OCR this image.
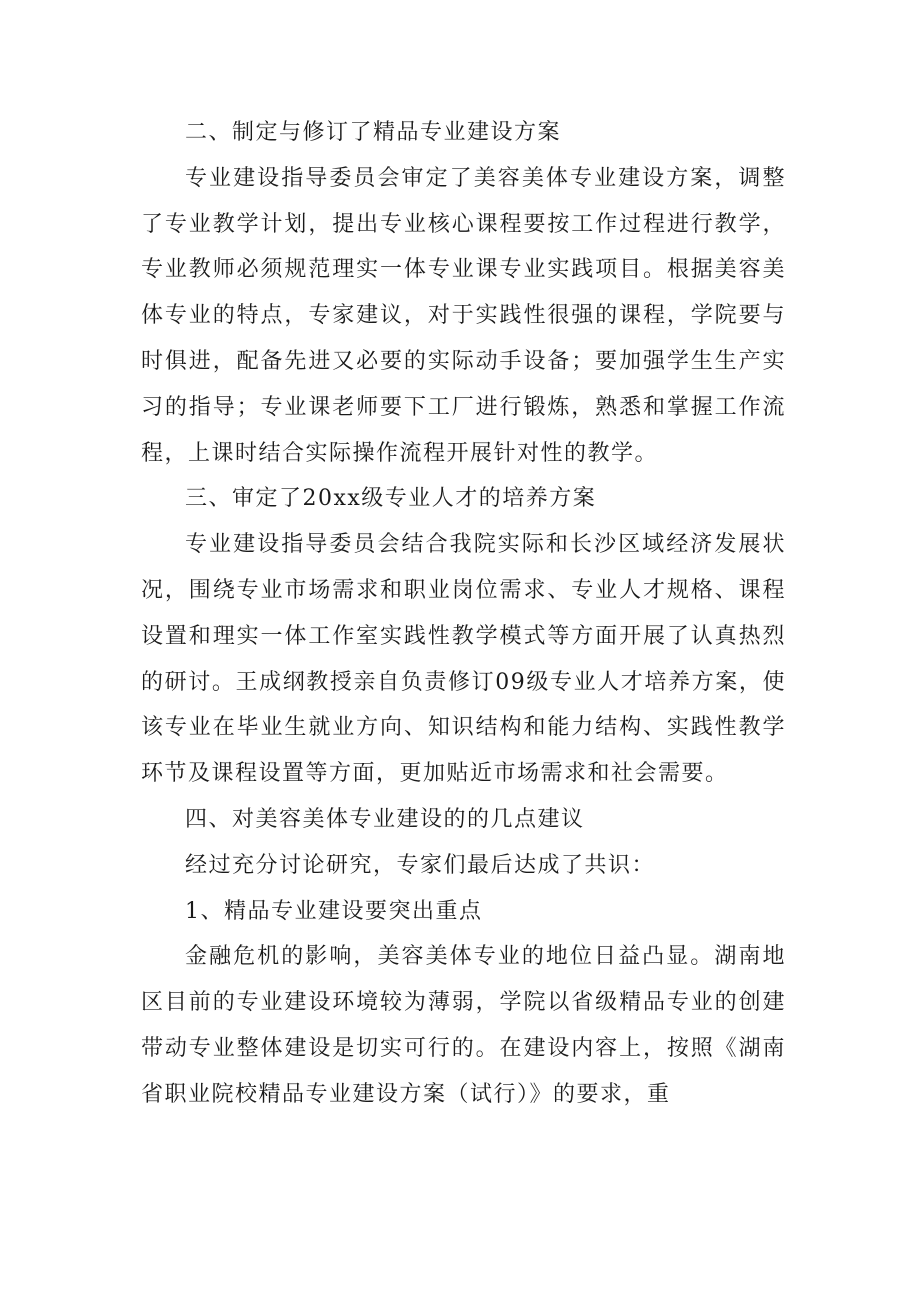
二、制定与修订了精品专业建设方案

专业建设指导委员会审定了美容美体专业建设方案，调整了专业教学计划，提出专业核心课程要按工作过程进行教学，专业教师必须规范理实一体专业课专业实践项目。根据美容美体专业的特点，专家建议，对于实践性很强的课程，学院要与时俱进，配备先进又必要的实际动手设备；要加强学生生产实习的指导；专业课老师要下工厂进行锻炼，熟悉和掌握工作流程，上课时结合实际操作流程开展针对性的教学。

三、审定了20xx级专业人才的培养方案

专业建设指导委员会结合我院实际和长沙区域经济发展状况，围绕专业市场需求和职业岗位需求、专业人才规格、课程设置和理实一体工作室实践性教学模式等方面开展了认真热烈的研讨。王成纲教授亲自负责修订09级专业人才培养方案，使该专业在毕业生就业方向、知识结构和能力结构、实践性教学环节及课程设置等方面，更加贴近市场需求和社会需要。

四、对美容美体专业建设的的几点建议

经过充分讨论研究，专家们最后达成了共识：

1、精品专业建设要突出重点

金融危机的影响，美容美体专业的地位日益凸显。湖南地区目前的专业建设环境较为薄弱，学院以省级精品专业的创建带动专业整体建设是切实可行的。在建设内容上，按照《湖南省职业院校精品专业建设方案（试行）》的要求，重
